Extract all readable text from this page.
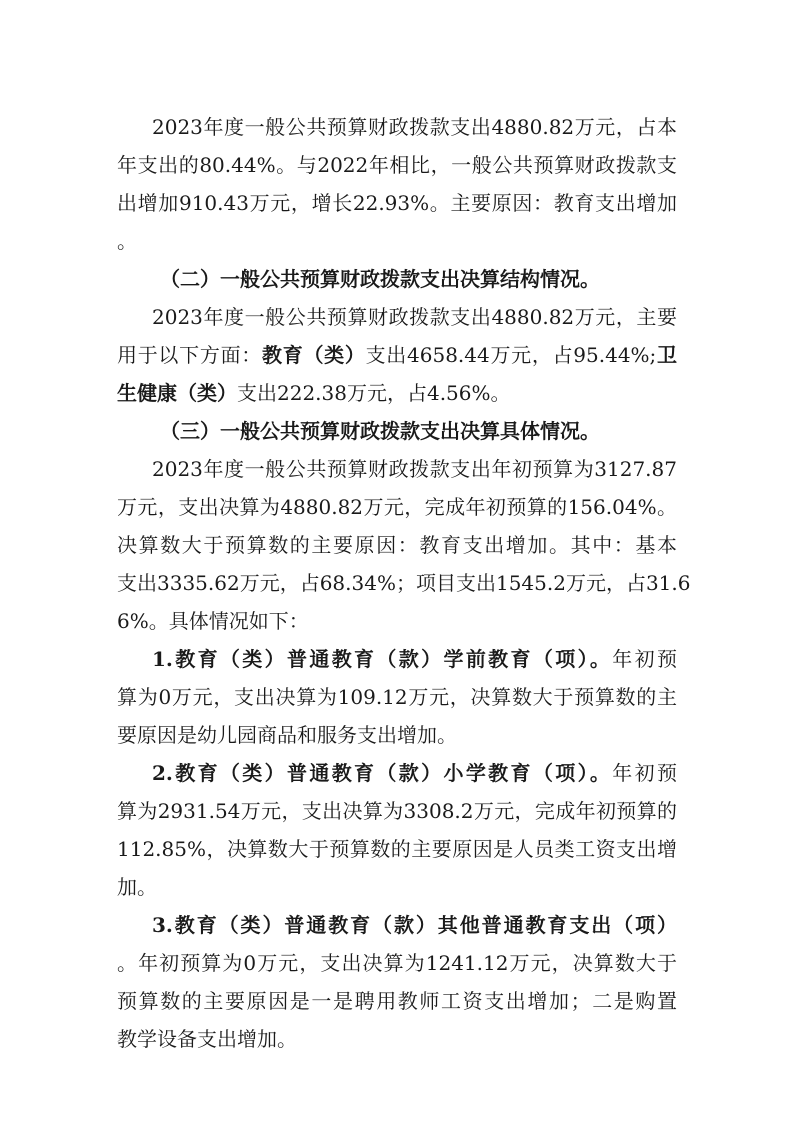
2023年度一般公共预算财政拨款支出4880.82万元，占本
年支出的80.44%。与2022年相比，一般公共预算财政拨款支
出增加910.43万元，增长22.93%。主要原因：教育支出增加
。
（二）一般公共预算财政拨款支出决算结构情况。
2023年度一般公共预算财政拨款支出4880.82万元，主要
用于以下方面：教育（类）支出4658.44万元，占95.44%;卫
生健康（类）支出222.38万元，占4.56%。
（三）一般公共预算财政拨款支出决算具体情况。
2023年度一般公共预算财政拨款支出年初预算为3127.87
万元，支出决算为4880.82万元，完成年初预算的156.04%。
决算数大于预算数的主要原因：教育支出增加。其中：基本
支出3335.62万元，占68.34%；项目支出1545.2万元，占31.6
6%。具体情况如下：
1.教育（类）普通教育（款）学前教育（项）。年初预
算为0万元，支出决算为109.12万元，决算数大于预算数的主
要原因是幼儿园商品和服务支出增加。
2.教育（类）普通教育（款）小学教育（项）。年初预
算为2931.54万元，支出决算为3308.2万元，完成年初预算的
112.85%，决算数大于预算数的主要原因是人员类工资支出增
加。
3.教育（类）普通教育（款）其他普通教育支出（项）
。年初预算为0万元，支出决算为1241.12万元，决算数大于
预算数的主要原因是一是聘用教师工资支出增加；二是购置
教学设备支出增加。
